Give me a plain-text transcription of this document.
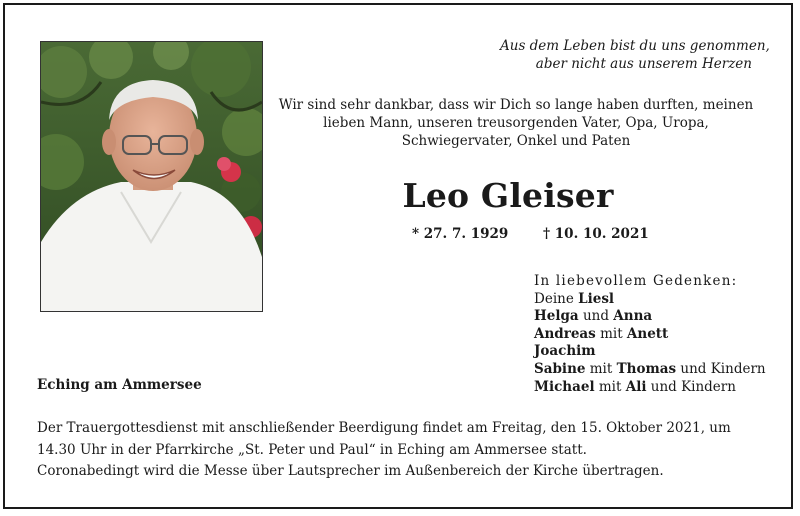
Aus dem Leben bist du uns genommen,
aber nicht aus unserem Herzen
Wir sind sehr dankbar, dass wir Dich so lange haben durften, meinen
lieben Mann, unseren treusorgenden Vater, Opa, Uropa,
Schwiegervater, Onkel und Paten
Leo Gleiser
* 27. 7. 1929	† 10. 10. 2021
In liebevollem Gedenken:
Deine Liesl
Helga und Anna
Andreas mit Anett
Joachim
Sabine mit Thomas und Kindern
Michael mit Ali und Kindern
Eching am Ammersee
Der Trauergottesdienst mit anschließender Beerdigung findet am Freitag, den 15. Oktober 2021, um
14.30 Uhr in der Pfarrkirche „St. Peter und Paul“ in Eching am Ammersee statt.
Coronabedingt wird die Messe über Lautsprecher im Außenbereich der Kirche übertragen.
